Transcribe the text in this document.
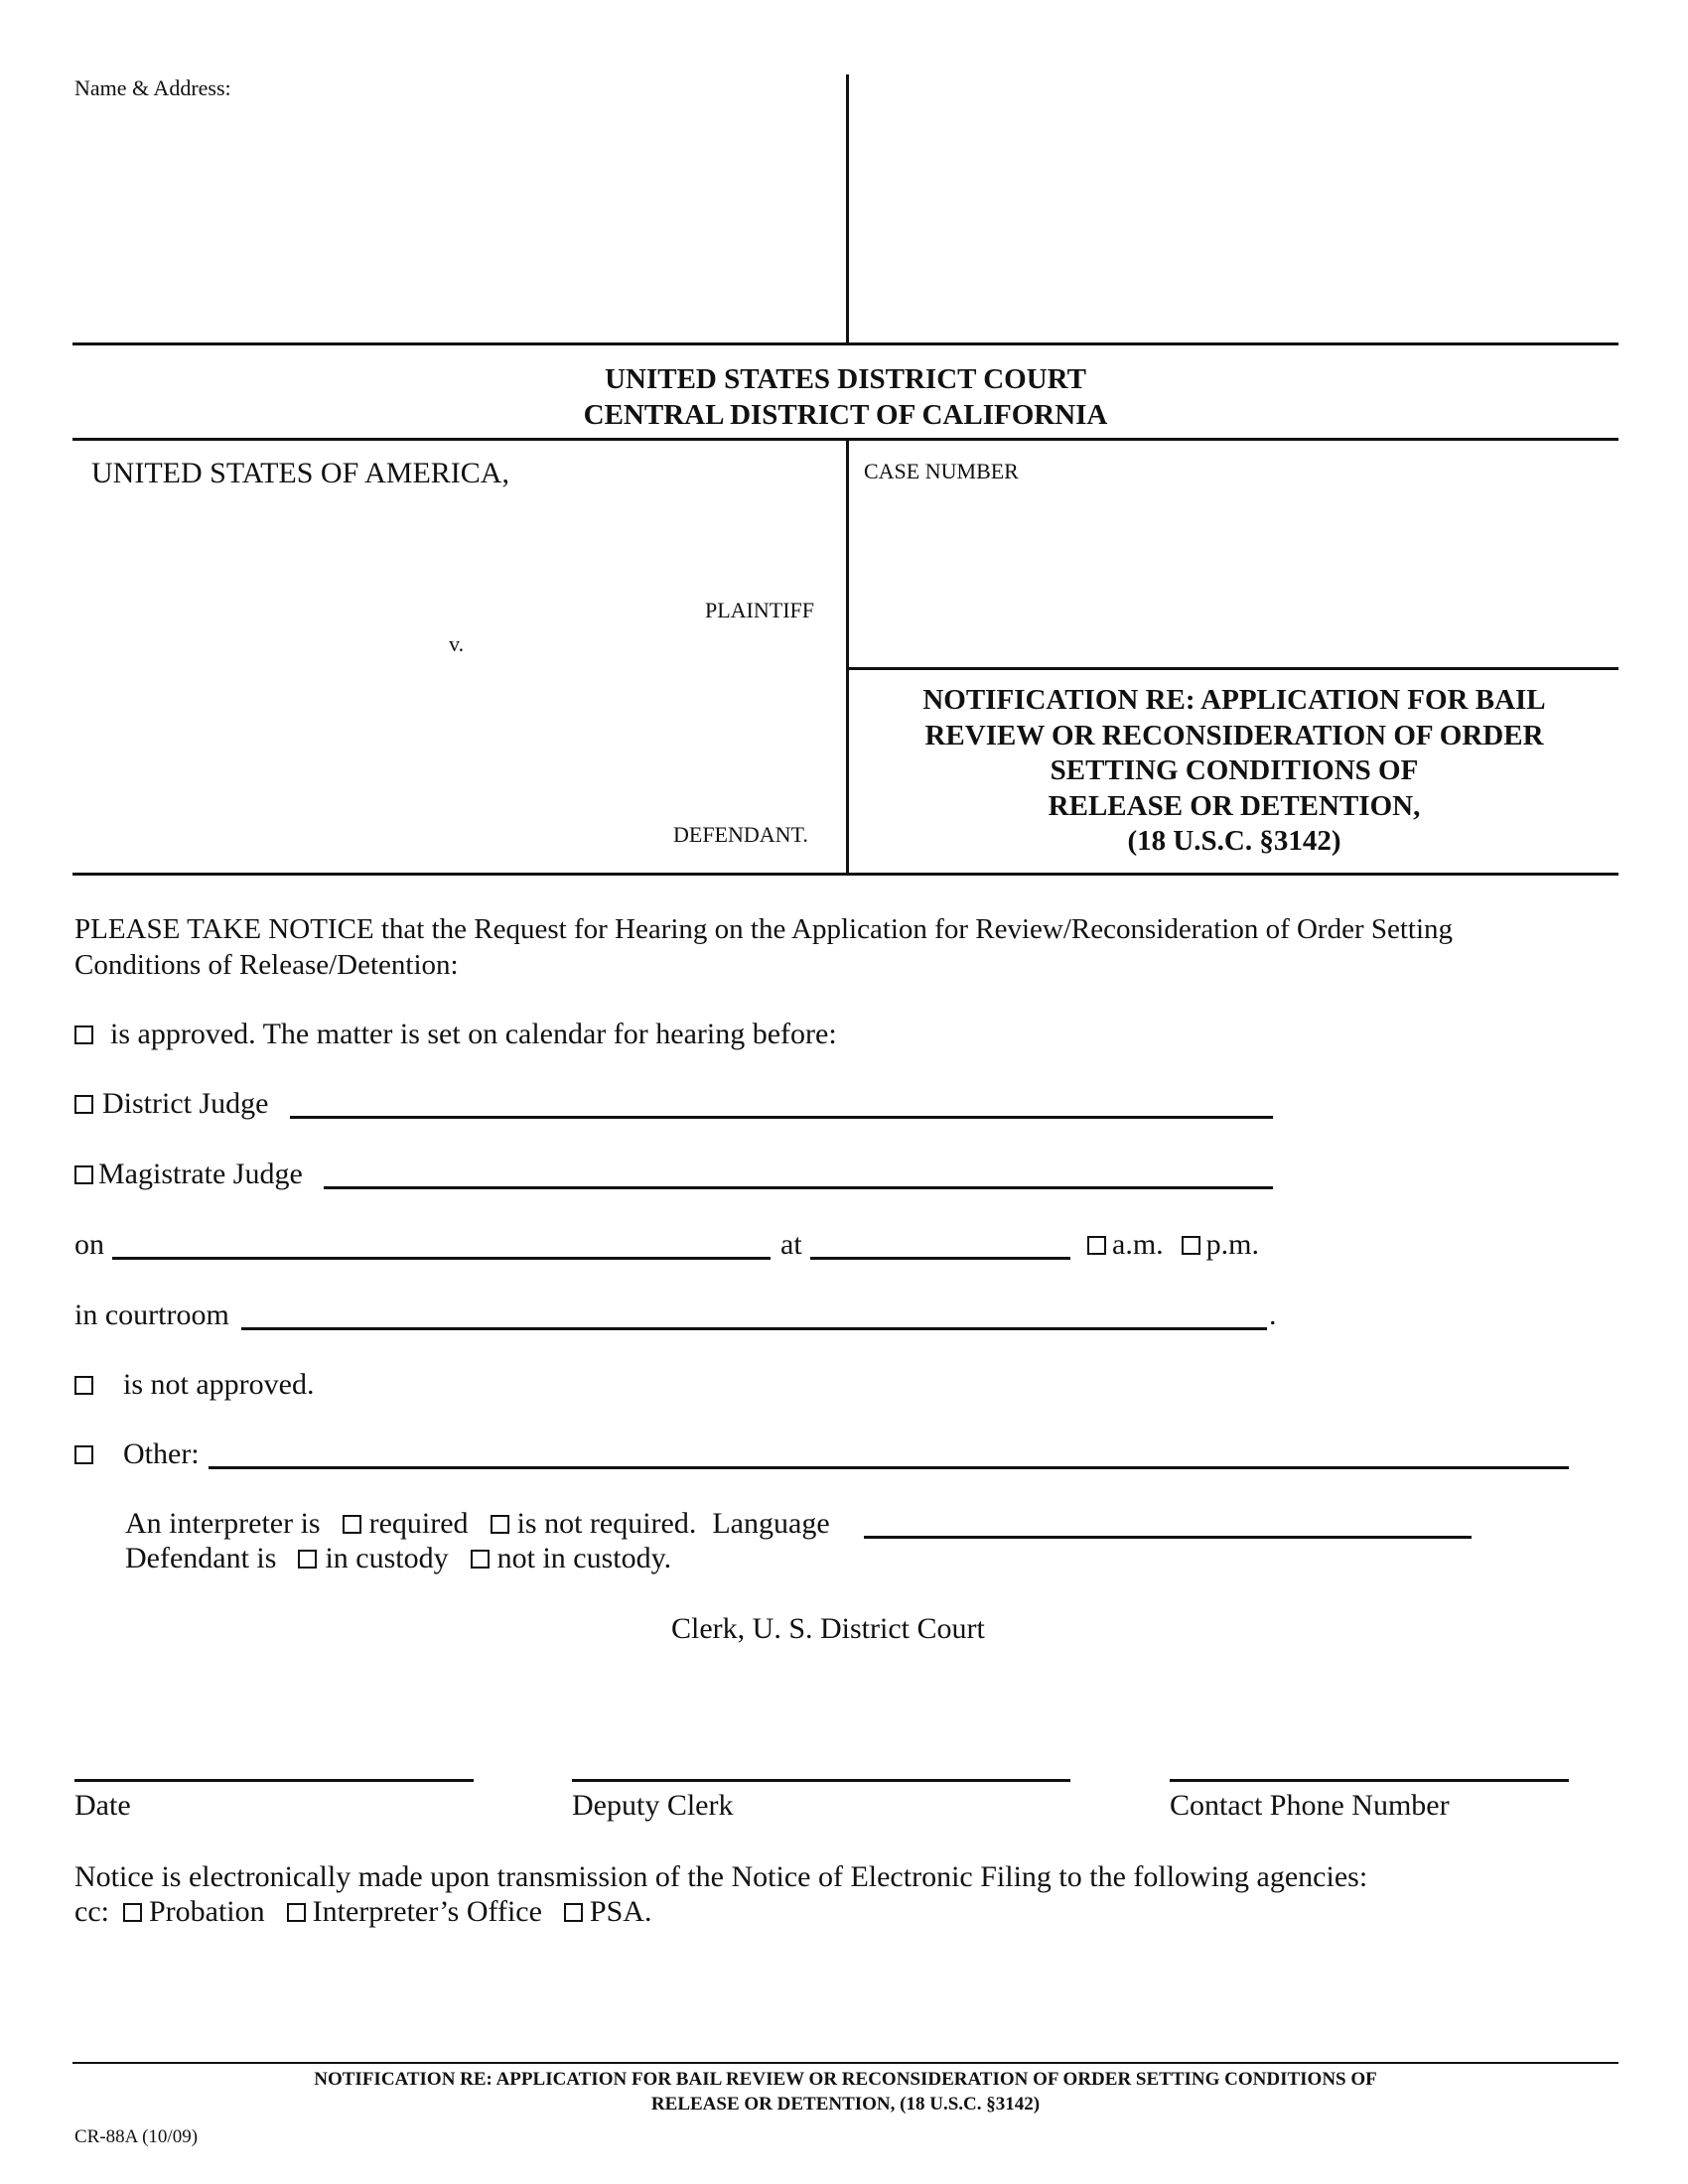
Name & Address:
UNITED STATES DISTRICT COURT
CENTRAL DISTRICT OF CALIFORNIA
UNITED STATES OF AMERICA,
PLAINTIFF
v.
DEFENDANT.
CASE NUMBER
NOTIFICATION RE: APPLICATION FOR BAIL
REVIEW OR RECONSIDERATION OF ORDER
SETTING CONDITIONS OF
RELEASE OR DETENTION,
(18 U.S.C. §3142)
PLEASE TAKE NOTICE that the Request for Hearing on the Application for Review/Reconsideration of Order Setting
Conditions of Release/Detention:
is approved. The matter is set on calendar for hearing before:
District Judge
Magistrate Judge
on	at	a.m. p.m.
in courtroom	.
is not approved.
Other:
An interpreter is required is not required. Language
Defendant is in custody not in custody.
Clerk, U. S. District Court
Date	Deputy Clerk	Contact Phone Number
Notice is electronically made upon transmission of the Notice of Electronic Filing to the following agencies:
cc: Probation Interpreter’s Office PSA.
NOTIFICATION RE: APPLICATION FOR BAIL REVIEW OR RECONSIDERATION OF ORDER SETTING CONDITIONS OF
RELEASE OR DETENTION, (18 U.S.C. §3142)
CR-88A (10/09)
